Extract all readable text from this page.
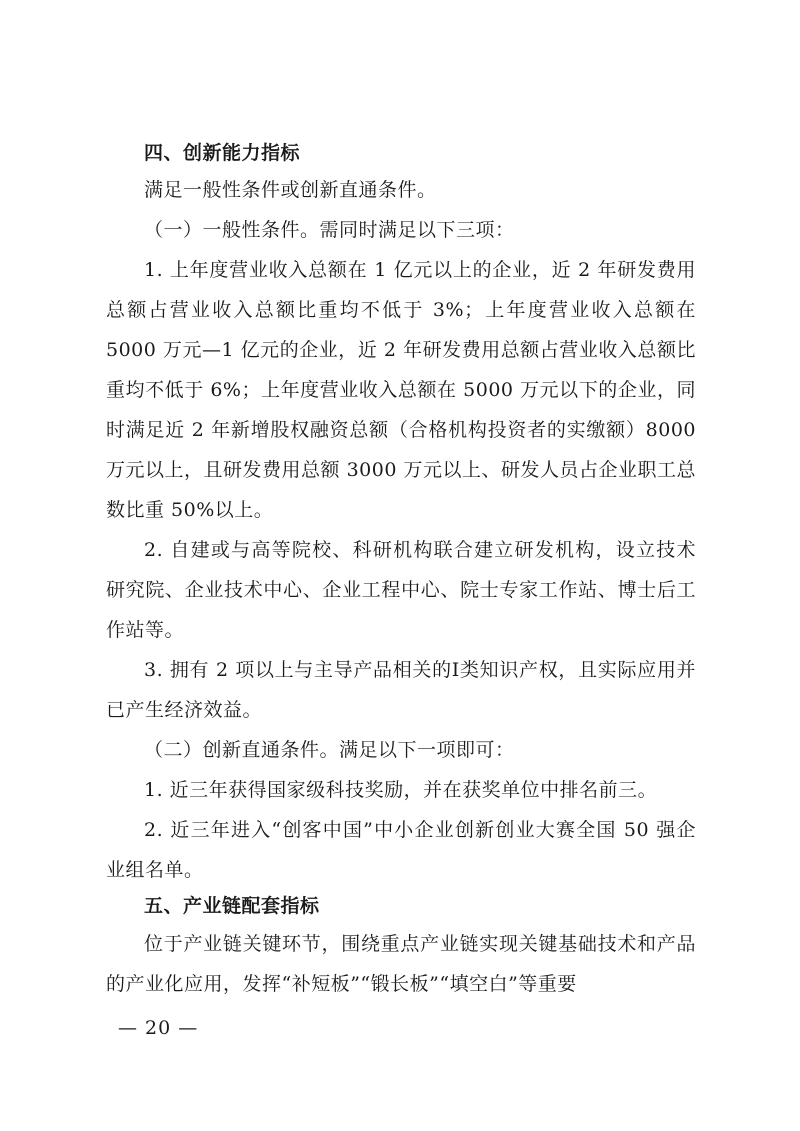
四、创新能力指标

满足一般性条件或创新直通条件。

（一）一般性条件。需同时满足以下三项：

1. 上年度营业收入总额在 1 亿元以上的企业，近 2 年研发费用总额占营业收入总额比重均不低于 3%；上年度营业收入总额在 5000 万元—1 亿元的企业，近 2 年研发费用总额占营业收入总额比重均不低于 6%；上年度营业收入总额在 5000 万元以下的企业，同时满足近 2 年新增股权融资总额（合格机构投资者的实缴额）8000 万元以上，且研发费用总额 3000 万元以上、研发人员占企业职工总数比重 50%以上。

2. 自建或与高等院校、科研机构联合建立研发机构，设立技术研究院、企业技术中心、企业工程中心、院士专家工作站、博士后工作站等。

3. 拥有 2 项以上与主导产品相关的Ⅰ类知识产权，且实际应用并已产生经济效益。

（二）创新直通条件。满足以下一项即可：

1. 近三年获得国家级科技奖励，并在获奖单位中排名前三。

2. 近三年进入“创客中国”中小企业创新创业大赛全国 50 强企业组名单。

五、产业链配套指标

位于产业链关键环节，围绕重点产业链实现关键基础技术和产品的产业化应用，发挥“补短板”“锻长板”“填空白”等重要

— 20 —
